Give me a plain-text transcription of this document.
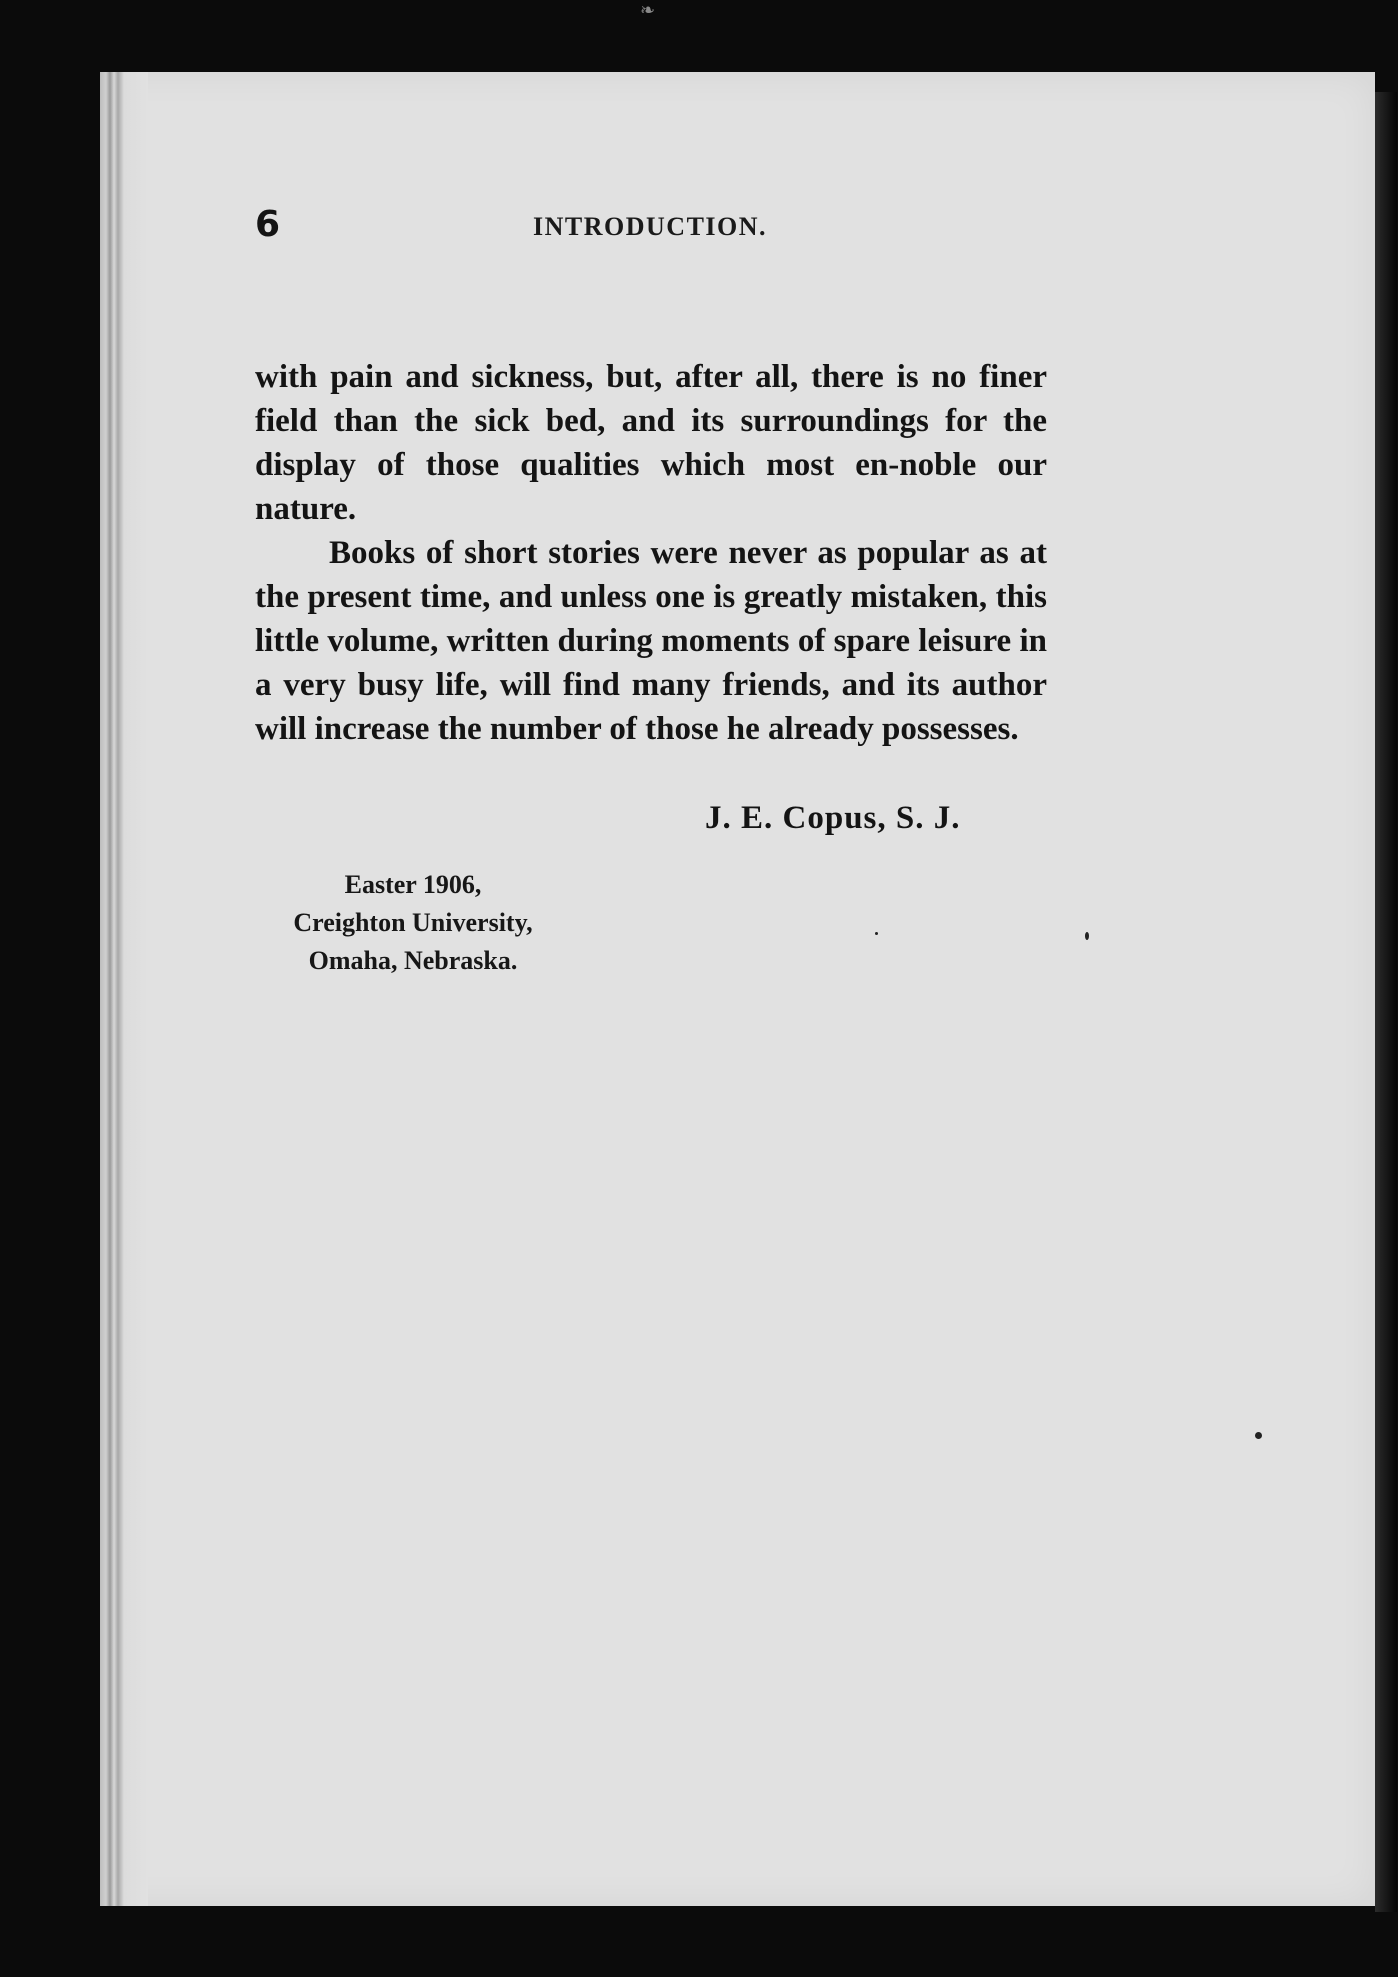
❧
6	INTRODUCTION.

with pain and sickness, but, after all, there is no finer field than the sick bed, and its surroundings for the display of those qualities which most en-noble our nature.

Books of short stories were never as popular as at the present time, and unless one is greatly mistaken, this little volume, written during moments of spare leisure in a very busy life, will find many friends, and its author will increase the number of those he already possesses.

J. E. Copus, S. J.
Easter 1906,
Creighton University,
Omaha, Nebraska.
